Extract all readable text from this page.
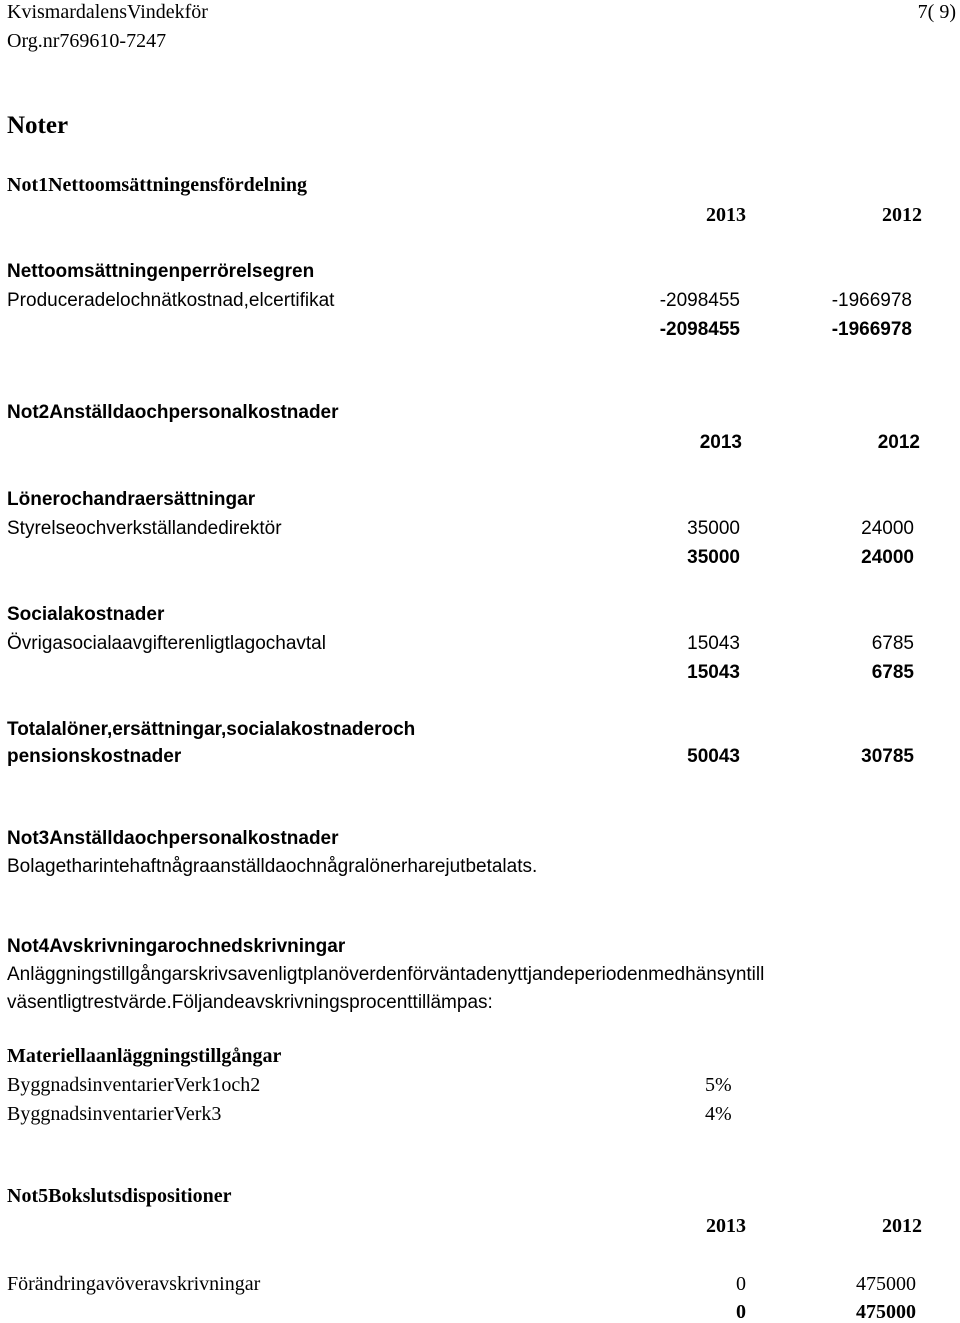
KvismardalensVindekför	7( 9)
Org.nr769610-7247
Noter
Not1Nettoomsättningensfördelning
2013	2012
Nettoomsättningenperrörelsegren
Produceradelochnätkostnad,elcertifikat	-2098455	-1966978
-2098455	-1966978
Not2Anställdaochpersonalkostnader
2013	2012
Lönerochandraersättningar
Styrelseochverkställandedirektör	35000	24000
35000	24000
Socialakostnader
Övrigasocialaavgifterenligtlagochavtal	15043	6785
15043	6785
Totalalöner,ersättningar,socialakostnaderoch
pensionskostnader	50043	30785
Not3Anställdaochpersonalkostnader
Bolagetharintehaftnågraanställdaochnågralönerharejutbetalats.
Not4Avskrivningarochnedskrivningar
Anläggningstillgångarskrivsavenligtplanöverdenförväntadenyttjandeperiodenmedhänsyntill
väsentligtrestvärde.Följandeavskrivningsprocenttillämpas:
Materiellaanläggningstillgångar
ByggnadsinventarierVerk1och2	5%
ByggnadsinventarierVerk3	4%
Not5Bokslutsdispositioner
2013	2012
Förändringavöveravskrivningar	0	475000
0	475000
